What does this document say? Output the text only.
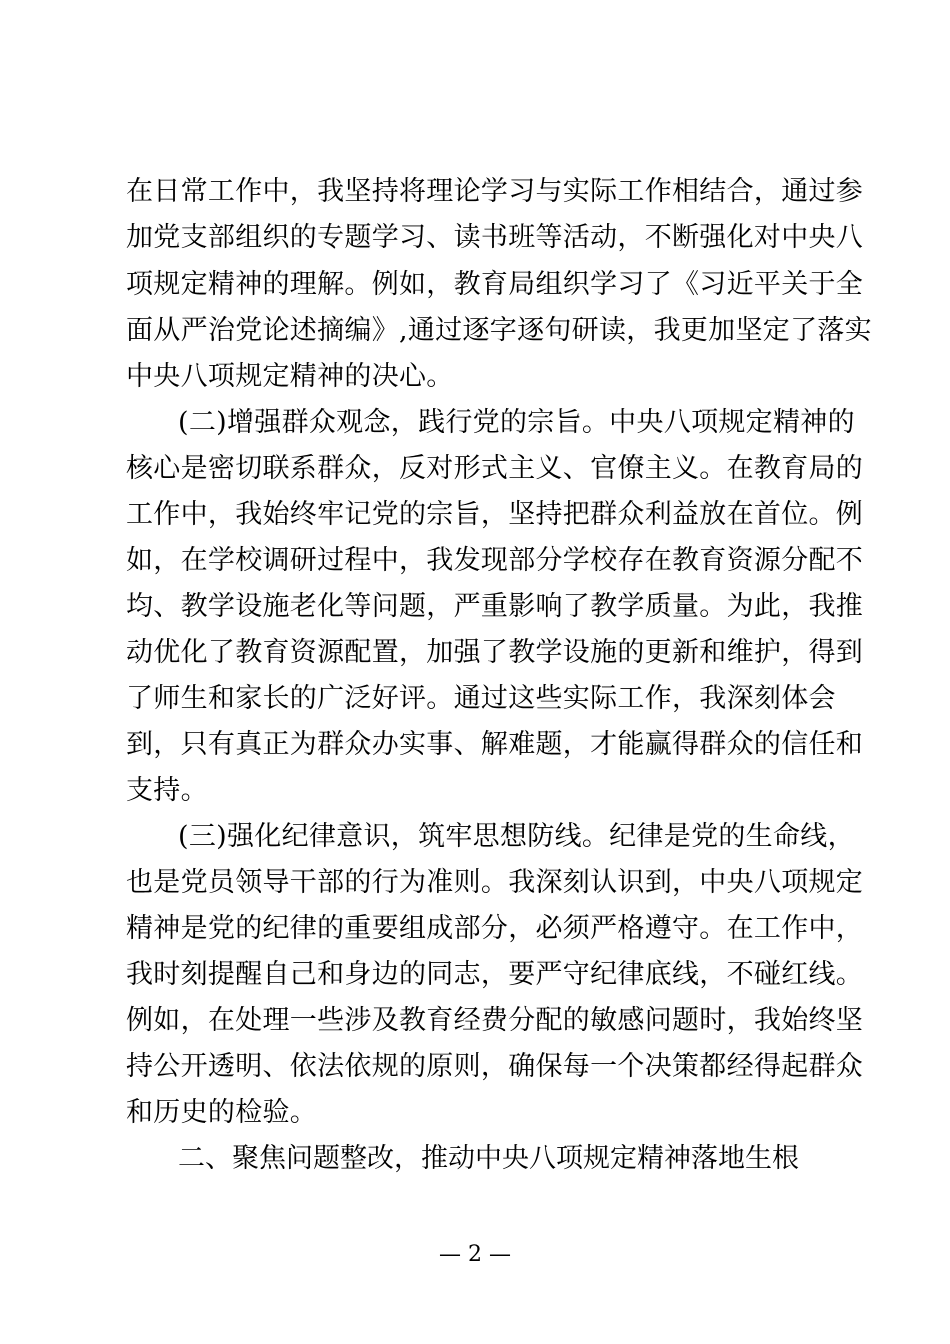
在日常工作中，我坚持将理论学习与实际工作相结合，通过参
加党支部组织的专题学习、读书班等活动，不断强化对中央八
项规定精神的理解。例如，教育局组织学习了《习近平关于全
面从严治党论述摘编》,通过逐字逐句研读，我更加坚定了落实
中央八项规定精神的决心。
(二)增强群众观念，践行党的宗旨。中央八项规定精神的
核心是密切联系群众，反对形式主义、官僚主义。在教育局的
工作中，我始终牢记党的宗旨，坚持把群众利益放在首位。例
如，在学校调研过程中，我发现部分学校存在教育资源分配不
均、教学设施老化等问题，严重影响了教学质量。为此，我推
动优化了教育资源配置，加强了教学设施的更新和维护，得到
了师生和家长的广泛好评。通过这些实际工作，我深刻体会
到，只有真正为群众办实事、解难题，才能赢得群众的信任和
支持。
(三)强化纪律意识，筑牢思想防线。纪律是党的生命线，
也是党员领导干部的行为准则。我深刻认识到，中央八项规定
精神是党的纪律的重要组成部分，必须严格遵守。在工作中，
我时刻提醒自己和身边的同志，要严守纪律底线，不碰红线。
例如，在处理一些涉及教育经费分配的敏感问题时，我始终坚
持公开透明、依法依规的原则，确保每一个决策都经得起群众
和历史的检验。
二、聚焦问题整改，推动中央八项规定精神落地生根
— 2 —
